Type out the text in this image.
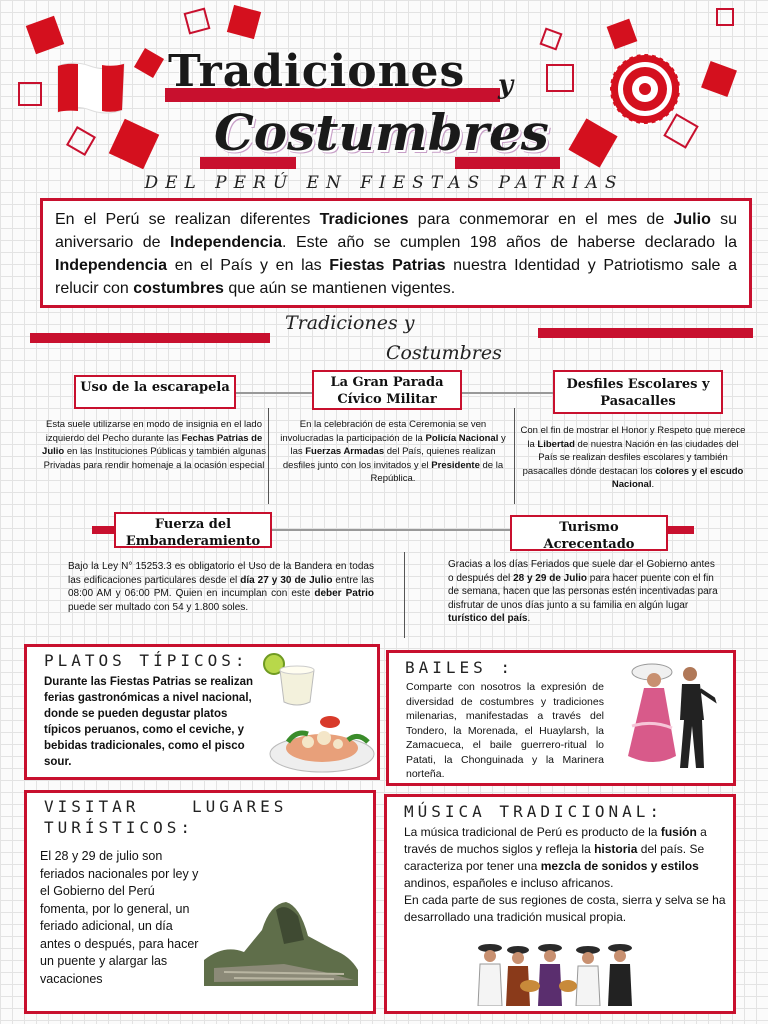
Tradiciones	y
Costumbres
DEL PERÚ EN FIESTAS PATRIAS
En el Perú se realizan diferentes Tradiciones para conmemorar en el mes de Julio su aniversario de Independencia. Este año se cumplen 198 años de haberse declarado la Independencia en el País y en las Fiestas Patrias nuestra Identidad y Patriotismo sale a relucir con costumbres que aún se mantienen vigentes.
Tradiciones y
Costumbres
Uso de la escarapela	La Gran Parada Cívico Militar
Desfiles Escolares y Pasacalles
Esta suele utilizarse en modo de insignia en el lado izquierdo del Pecho durante las Fechas Patrias de Julio en las Instituciones Públicas y también algunas Privadas para rendir homenaje a la ocasión especial
En la celebración de esta Ceremonia se ven involucradas la participación de la Policía Nacional y las Fuerzas Armadas del País, quienes realizan desfiles junto con los invitados y el Presidente de la República.
Con el fin de mostrar el Honor y Respeto que merece la Libertad de nuestra Nación en las ciudades del País se realizan desfiles escolares y también pasacalles dónde destacan los colores y el escudo Nacional.
Fuerza del Embanderamiento
Turismo Acrecentado
Bajo la Ley N° 15253.3 es obligatorio el Uso de la Bandera en todas las edificaciones particulares desde el día 27 y 30 de Julio entre las 08:00 AM y 06:00 PM. Quien en incumplan con este deber Patrio puede ser multado con 54 y 1.800 soles.
Gracias a los días Feriados que suele dar el Gobierno antes o después del 28 y 29 de Julio para hacer puente con el fin de semana, hacen que las personas estén incentivadas para disfrutar de unos días junto a su familia en algún lugar turístico del país.
PLATOS TÍPICOS:
Durante las Fiestas Patrias se realizan ferias gastronómicas a nivel nacional, donde se pueden degustar platos típicos peruanos, como el ceviche, y bebidas tradicionales, como el pisco sour.
BAILES :
Comparte con nosotros la expresión de diversidad de costumbres y tradiciones milenarias, manifestadas a través del Tondero, la Morenada, el Huaylarsh, la Zamacueca, el baile guerrero-ritual lo Patati, la Chonguinada y la Marinera norteña.
VISITAR	LUGARES
TURÍSTICOS:
El 28 y 29 de julio son feriados nacionales por ley y el Gobierno del Perú fomenta, por lo general, un feriado adicional, un día antes o después, para hacer un puente y alargar las vacaciones
MÚSICA TRADICIONAL:
La música tradicional de Perú es producto de la fusión a través de muchos siglos y refleja la historia del país. Se caracteriza por tener una mezcla de sonidos y estilos andinos, españoles e incluso africanos.
En cada parte de sus regiones de costa, sierra y selva se ha desarrollado una tradición musical propia.
